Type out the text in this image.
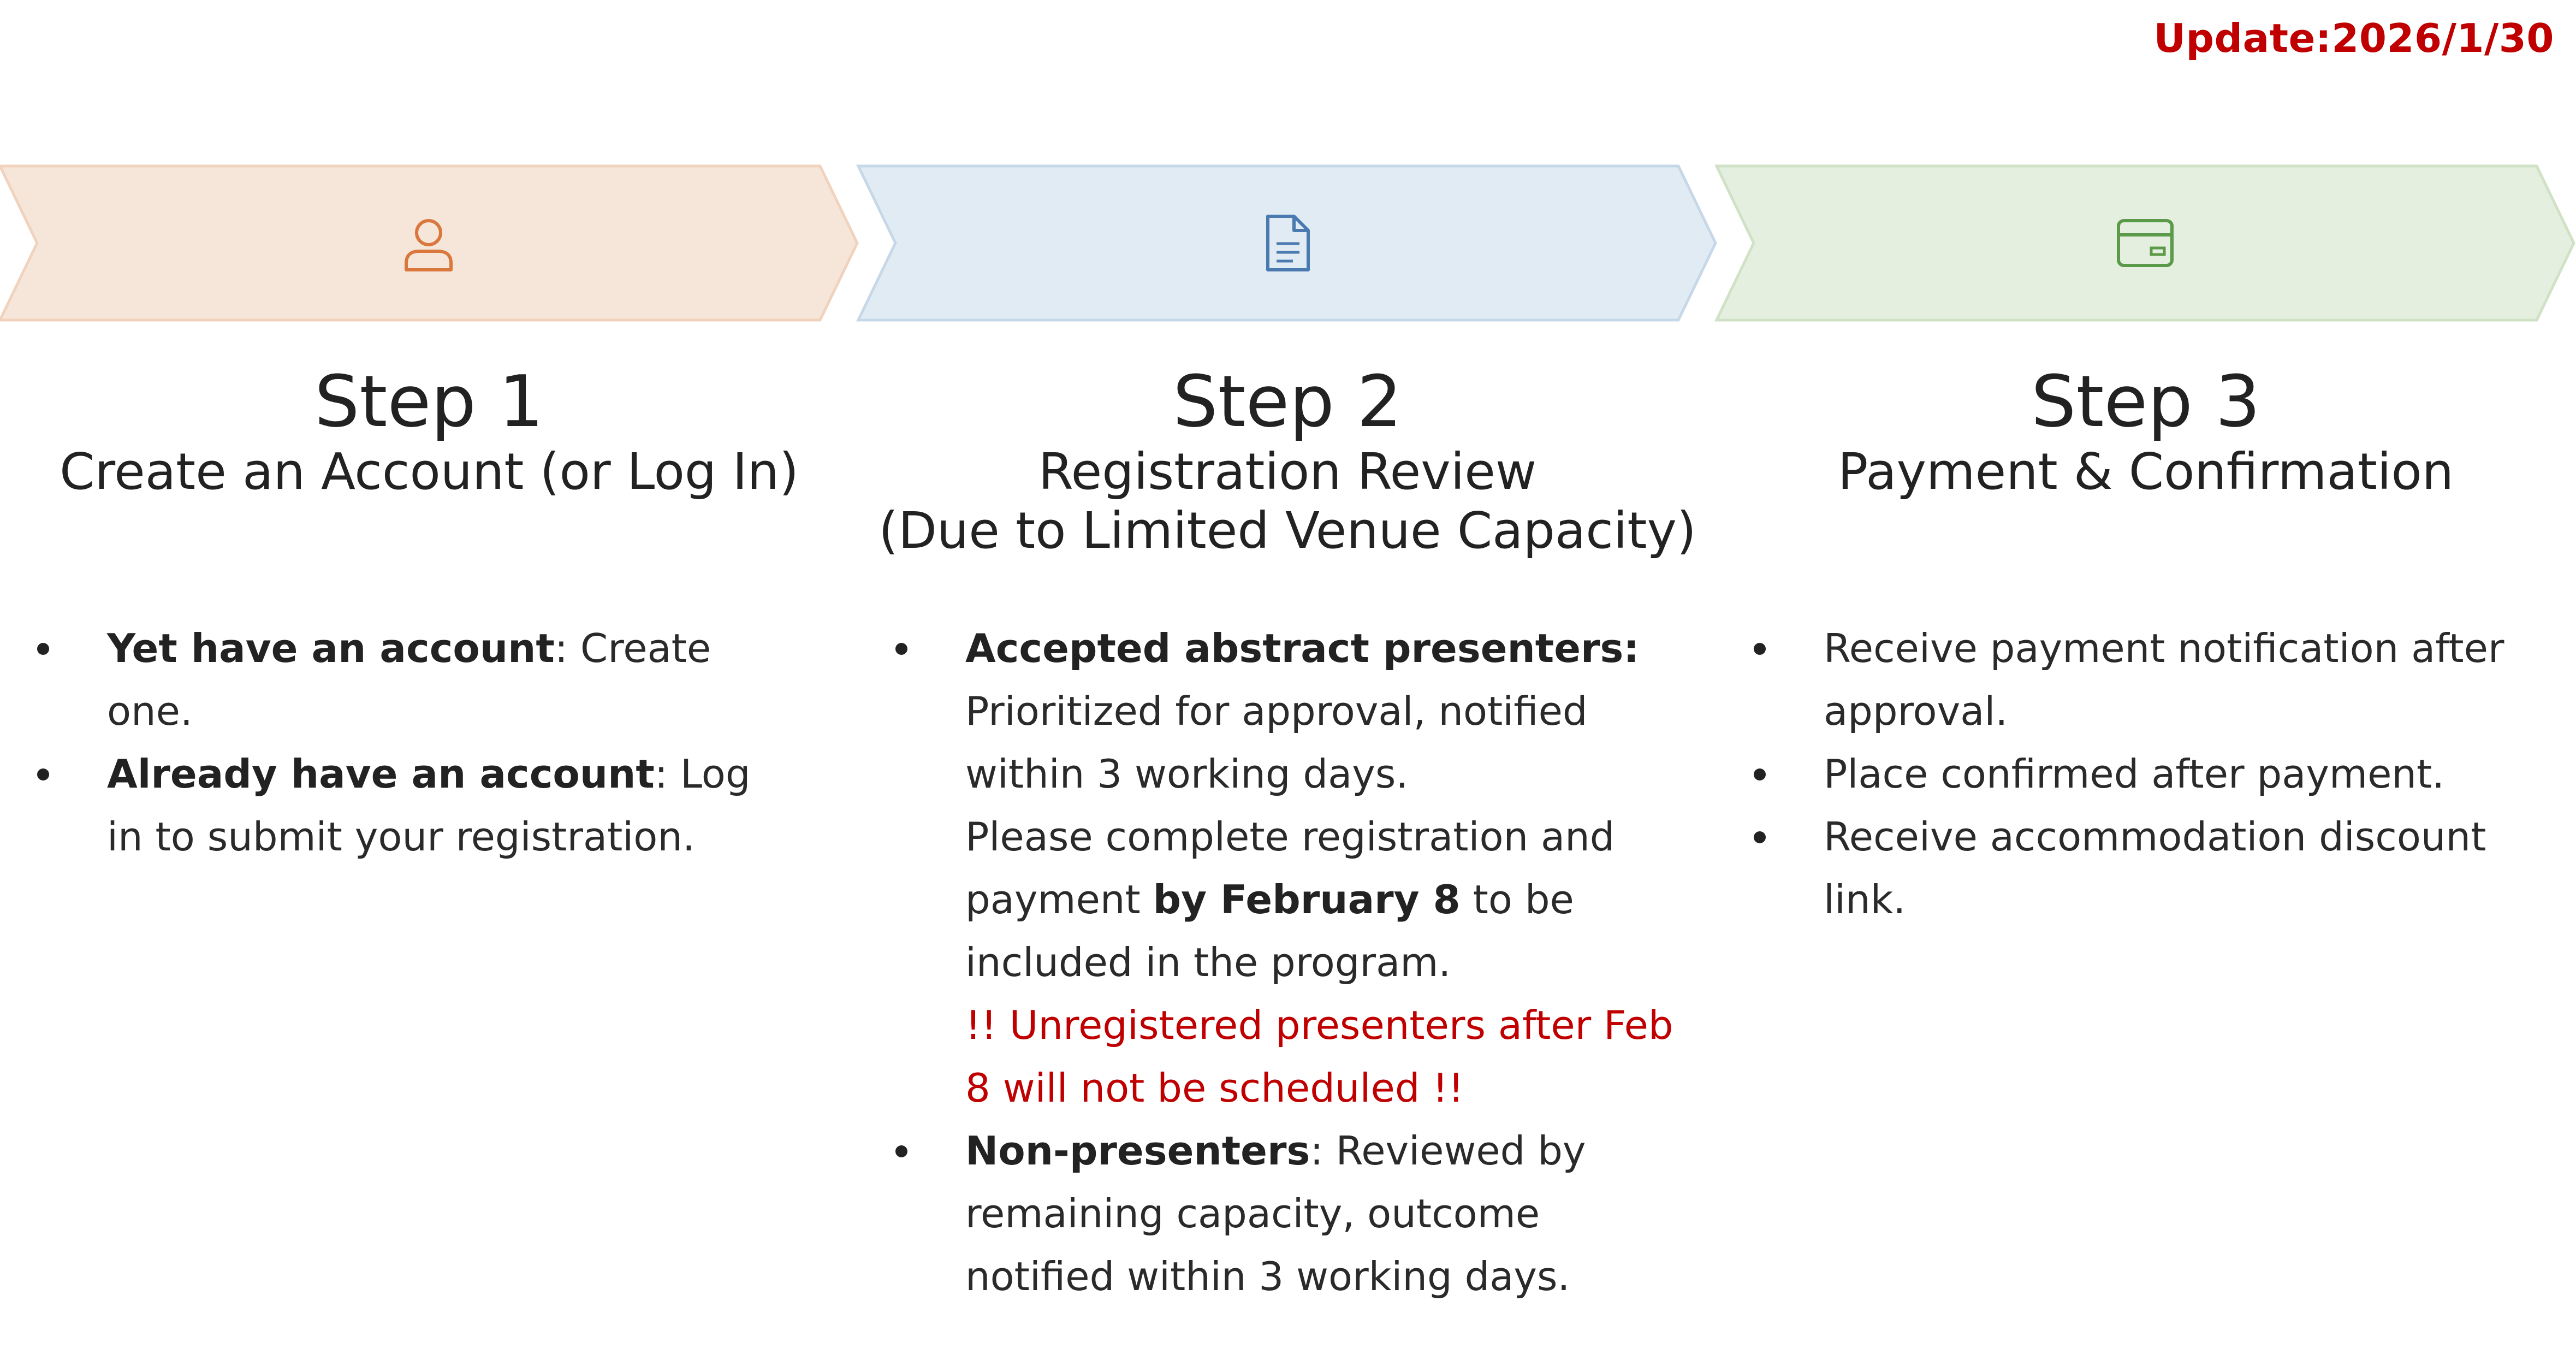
Update:2026/1/30

Step 1

Create an Account (or Log In)

Step 2

Registration Review

(Due to Limited Venue Capacity)

Step 3

Payment & Confirmation

Yet have an account: Create one.
Already have an account: Log in to submit your registration.
Accepted abstract presenters:
Prioritized for approval, notified within 3 working days.
Please complete registration and payment by February 8 to be included in the program.
!! Unregistered presenters after Feb 8 will not be scheduled !!
Non-presenters: Reviewed by remaining capacity, outcome notified within 3 working days.
Receive payment notification after approval.
Place confirmed after payment.
Receive accommodation discount link.
